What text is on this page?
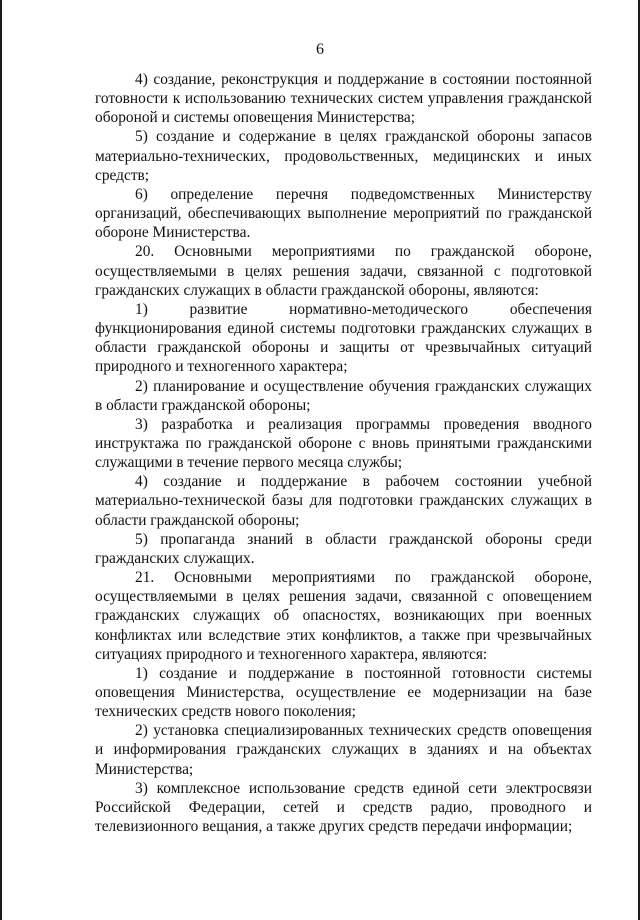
6

4) создание, реконструкция и поддержание в состоянии постоянной готовности к использованию технических систем управления гражданской обороной и системы оповещения Министерства;

5) создание и содержание в целях гражданской обороны запасов материально-технических, продовольственных, медицинских и иных средств;

6) определение перечня подведомственных Министерству организаций, обеспечивающих выполнение мероприятий по гражданской обороне Министерства.

20. Основными мероприятиями по гражданской обороне, осуществляемыми в целях решения задачи, связанной с подготовкой гражданских служащих в области гражданской обороны, являются:

1) развитие нормативно-методического обеспечения функционирования единой системы подготовки гражданских служащих в области гражданской обороны и защиты от чрезвычайных ситуаций природного и техногенного характера;

2) планирование и осуществление обучения гражданских служащих в области гражданской обороны;

3) разработка и реализация программы проведения вводного инструктажа по гражданской обороне с вновь принятыми гражданскими служащими в течение первого месяца службы;

4) создание и поддержание в рабочем состоянии учебной материально-технической базы для подготовки гражданских служащих в области гражданской обороны;

5) пропаганда знаний в области гражданской обороны среди гражданских служащих.

21. Основными мероприятиями по гражданской обороне, осуществляемыми в целях решения задачи, связанной с оповещением гражданских служащих об опасностях, возникающих при военных конфликтах или вследствие этих конфликтов, а также при чрезвычайных ситуациях природного и техногенного характера, являются:

1) создание и поддержание в постоянной готовности системы оповещения Министерства, осуществление ее модернизации на базе технических средств нового поколения;

2) установка специализированных технических средств оповещения и информирования гражданских служащих в зданиях и на объектах Министерства;

3) комплексное использование средств единой сети электросвязи Российской Федерации, сетей и средств радио, проводного и телевизионного вещания, а также других средств передачи информации;
